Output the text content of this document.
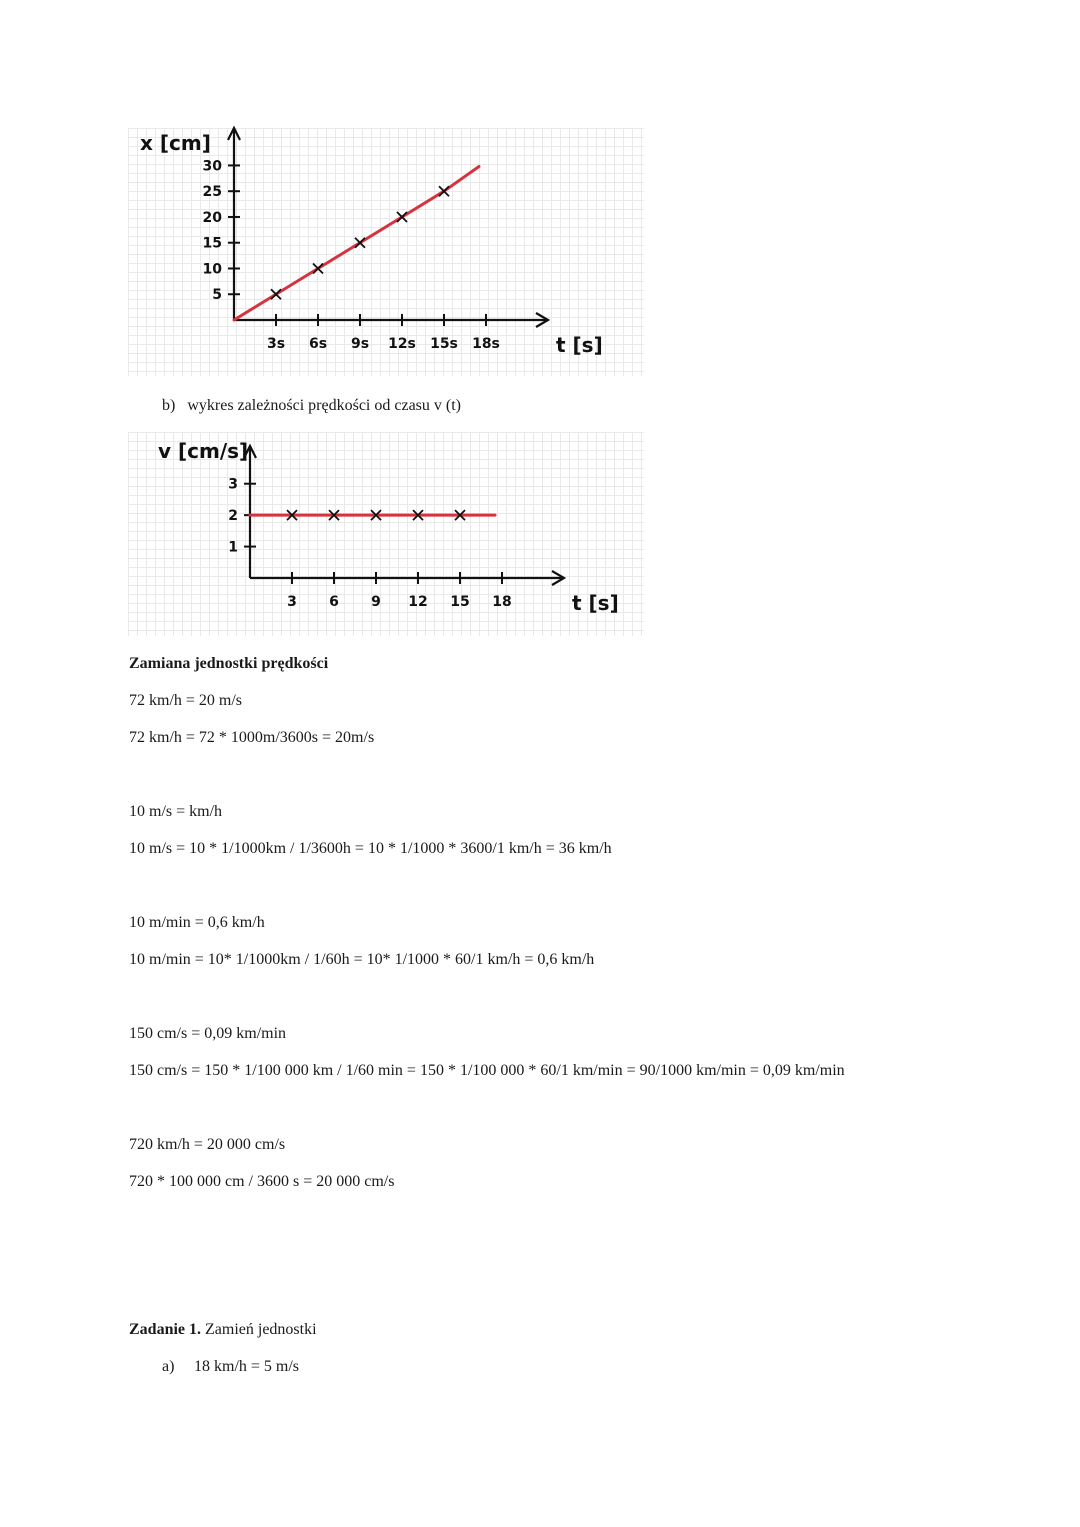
3s 6s 9s 12s 15s 18s
5
10
15
20
25
30
t [s]
x [cm]
b) wykres zależności prędkości od czasu v (t)
3 6 9 12 15 18
1
2
3
t [s]
v [cm/s]
Zamiana jednostki prędkości
72 km/h = 20 m/s
72 km/h = 72 * 1000m/3600s = 20m/s
10 m/s = km/h
10 m/s = 10 * 1/1000km / 1/3600h = 10 * 1/1000 * 3600/1 km/h = 36 km/h
10 m/min = 0,6 km/h
10 m/min = 10* 1/1000km / 1/60h = 10* 1/1000 * 60/1 km/h = 0,6 km/h
150 cm/s = 0,09 km/min
150 cm/s = 150 * 1/100 000 km / 1/60 min = 150 * 1/100 000 * 60/1 km/min = 90/1000 km/min = 0,09 km/min
720 km/h = 20 000 cm/s
720 * 100 000 cm / 3600 s = 20 000 cm/s
Zadanie 1. Zamień jednostki
a) 18 km/h = 5 m/s
